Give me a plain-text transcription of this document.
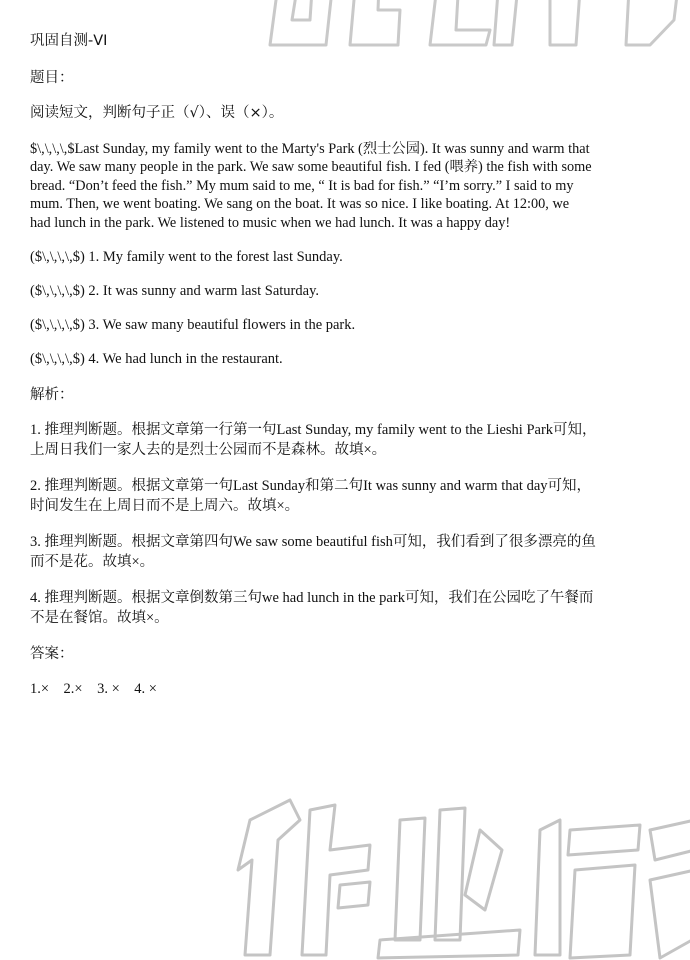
巩固自测-VI
题目：
阅读短文，判断句子正（√）、误（×）。
$\,\,\,\,$Last Sunday, my family went to the Marty's Park (烈士公园). It was sunny and warm that
day. We saw many people in the park. We saw some beautiful fish. I fed (喂养) the fish with some
bread. “Don’t feed the fish.” My mum said to me, “ It is bad for fish.” “I’m sorry.” I said to my
mum. Then, we went boating. We sang on the boat. It was so nice. I like boating. At 12:00, we
had lunch in the park. We listened to music when we had lunch. It was a happy day!
($\,\,\,\,$) 1. My family went to the forest last Sunday.
($\,\,\,\,$) 2. It was sunny and warm last Saturday.
($\,\,\,\,$) 3. We saw many beautiful flowers in the park.
($\,\,\,\,$) 4. We had lunch in the restaurant.
解析：
1. 推理判断题。根据文章第一行第一句Last Sunday, my family went to the Lieshi Park可知，
上周日我们一家人去的是烈士公园而不是森林。故填×。
2. 推理判断题。根据文章第一句Last Sunday和第二句It was sunny and warm that day可知，
时间发生在上周日而不是上周六。故填×。
3. 推理判断题。根据文章第四句We saw some beautiful fish可知，我们看到了很多漂亮的鱼
而不是花。故填×。
4. 推理判断题。根据文章倒数第三句we had lunch in the park可知，我们在公园吃了午餐而
不是在餐馆。故填×。
答案：
1.×    2.×    3. ×    4. ×
